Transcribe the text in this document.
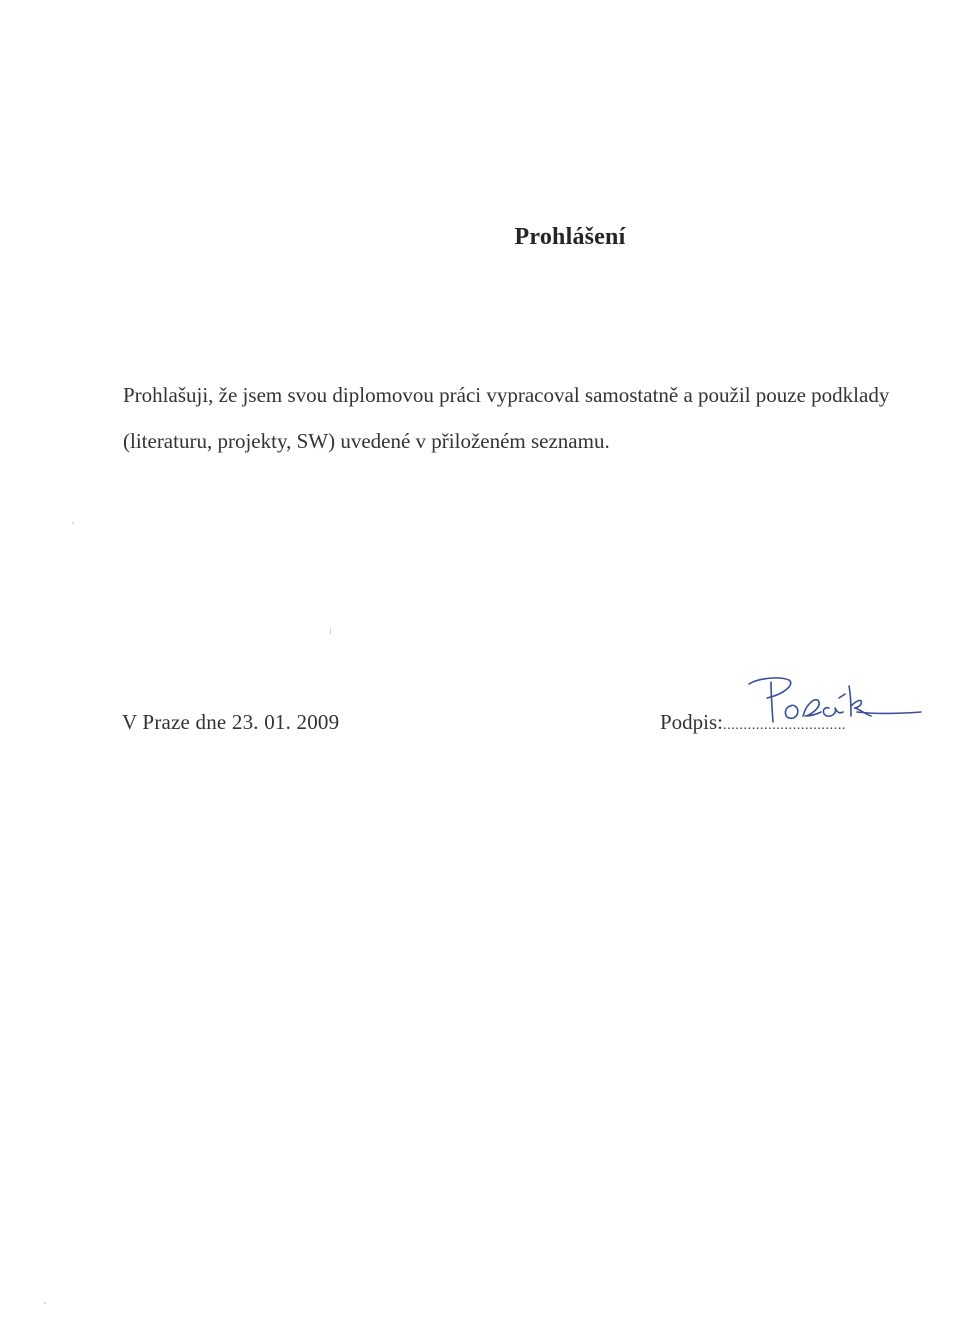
Prohlášení
Prohlašuji, že jsem svou diplomovou práci vypracoval samostatně a použil pouze podklady
(literaturu, projekty, SW) uvedené v přiloženém seznamu.
V Praze dne 23. 01. 2009	Podpis:..............................
